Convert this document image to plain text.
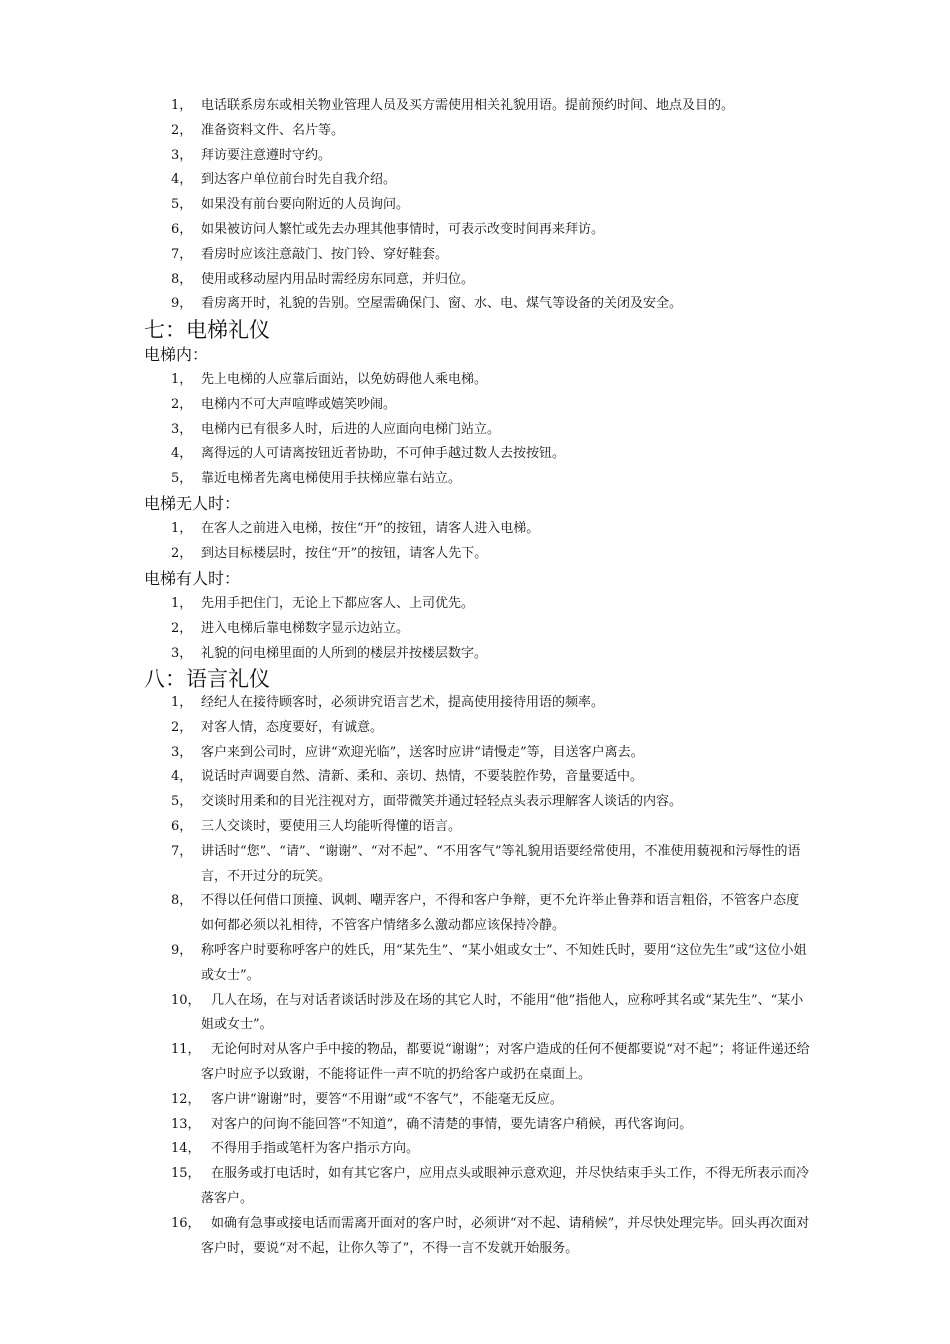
1， 电话联系房东或相关物业管理人员及买方需使用相关礼貌用语。提前预约时间、地点及目的。
2， 准备资料文件、名片等。
3， 拜访要注意遵时守约。
4， 到达客户单位前台时先自我介绍。
5， 如果没有前台要向附近的人员询问。
6， 如果被访问人繁忙或先去办理其他事情时，可表示改变时间再来拜访。
7， 看房时应该注意敲门、按门铃、穿好鞋套。
8， 使用或移动屋内用品时需经房东同意，并归位。
9， 看房离开时，礼貌的告别。空屋需确保门、窗、水、电、煤气等设备的关闭及安全。
七：电梯礼仪
电梯内：
1， 先上电梯的人应靠后面站，以免妨碍他人乘电梯。
2， 电梯内不可大声喧哗或嬉笑吵闹。
3， 电梯内已有很多人时，后进的人应面向电梯门站立。
4， 离得远的人可请离按钮近者协助，不可伸手越过数人去按按钮。
5， 靠近电梯者先离电梯使用手扶梯应靠右站立。
电梯无人时：
1， 在客人之前进入电梯，按住“开”的按钮，请客人进入电梯。
2， 到达目标楼层时，按住“开”的按钮，请客人先下。
电梯有人时：
1， 先用手把住门，无论上下都应客人、上司优先。
2， 进入电梯后靠电梯数字显示边站立。
3， 礼貌的问电梯里面的人所到的楼层并按楼层数字。
八：语言礼仪
1， 经纪人在接待顾客时，必须讲究语言艺术，提高使用接待用语的频率。
2， 对客人情，态度要好，有诚意。
3， 客户来到公司时，应讲“欢迎光临”，送客时应讲“请慢走”等，目送客户离去。
4， 说话时声调要自然、清新、柔和、亲切、热情，不要装腔作势，音量要适中。
5， 交谈时用柔和的目光注视对方，面带微笑并通过轻轻点头表示理解客人谈话的内容。
6， 三人交谈时，要使用三人均能听得懂的语言。
7， 讲话时“您”、“请”、“谢谢”、“对不起”、“不用客气”等礼貌用语要经常使用，不准使用藐视和污辱性的语言，不开过分的玩笑。
8， 不得以任何借口顶撞、讽刺、嘲弄客户，不得和客户争辩，更不允许举止鲁莽和语言粗俗，不管客户态度如何都必须以礼相待，不管客户情绪多么激动都应该保持冷静。
9， 称呼客户时要称呼客户的姓氏，用“某先生”、“某小姐或女士”、不知姓氏时，要用“这位先生”或“这位小姐或女士”。
10， 几人在场，在与对话者谈话时涉及在场的其它人时，不能用“他”指他人，应称呼其名或“某先生”、“某小姐或女士”。
11， 无论何时对从客户手中接的物品，都要说“谢谢”；对客户造成的任何不便都要说“对不起”；将证件递还给客户时应予以致谢，不能将证件一声不吭的扔给客户或扔在桌面上。
12， 客户讲“谢谢”时，要答“不用谢”或“不客气”，不能毫无反应。
13， 对客户的问询不能回答“不知道”，确不清楚的事情，要先请客户稍候，再代客询问。
14， 不得用手指或笔杆为客户指示方向。
15， 在服务或打电话时，如有其它客户，应用点头或眼神示意欢迎，并尽快结束手头工作，不得无所表示而冷落客户。
16， 如确有急事或接电话而需离开面对的客户时，必须讲“对不起、请稍候”，并尽快处理完毕。回头再次面对客户时，要说“对不起，让你久等了”，不得一言不发就开始服务。
